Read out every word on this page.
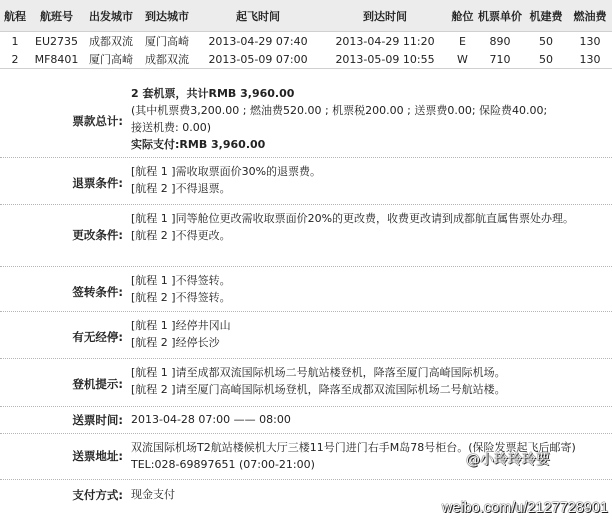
航程	航班号	出发城市	到达城市	起飞时间	到达时间	舱位	机票单价	机建费	燃油费
1	EU2735	成都双流	厦门高崎	2013-04-29 07:40	2013-04-29 11:20	E	890	50	130
2	MF8401	厦门高崎	成都双流	2013-05-09 07:00	2013-05-09 10:55	W	710	50	130
票款总计:
2 套机票，共计RMB 3,960.00
(其中机票费3,200.00 ; 燃油费520.00 ; 机票税200.00 ; 送票费0.00; 保险费40.00;
接送机费: 0.00)
实际支付:RMB 3,960.00
退票条件:
[航程 1 ]需收取票面价30%的退票费。
[航程 2 ]不得退票。
更改条件:
[航程 1 ]同等舱位更改需收取票面价20%的更改费，收费更改请到成都航直属售票处办理。
[航程 2 ]不得更改。
签转条件:
[航程 1 ]不得签转。
[航程 2 ]不得签转。
有无经停:
[航程 1 ]经停井冈山
[航程 2 ]经停长沙
登机提示:
[航程 1 ]请至成都双流国际机场二号航站楼登机，降落至厦门高崎国际机场。
[航程 2 ]请至厦门高崎国际机场登机，降落至成都双流国际机场二号航站楼。
送票时间: 2013-04-28 07:00 —— 08:00
送票地址:
双流国际机场T2航站楼候机大厅三楼11号门进门右手M岛78号柜台。(保险发票起飞后邮寄) TEL:028-69897651 (07:00-21:00)
支付方式: 现金支付
@小玲玲玲要
weibo.com/u/2127728901
